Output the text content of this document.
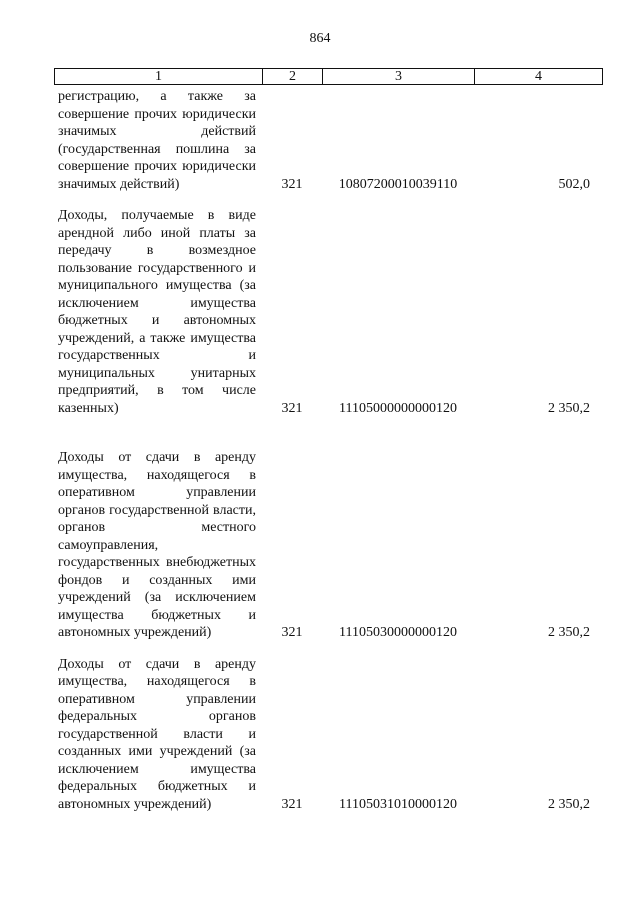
864
1	2	3	4
регистрацию, а также за совершение прочих юридически значимых действий (государственная пошлина за совершение прочих юридически значимых действий)	321	10807200010039110	502,0

Доходы, получаемые в виде арендной либо иной платы за передачу в возмездное пользование государственного и муниципального имущества (за исключением имущества бюджетных и автономных учреждений, а также имущества государственных и муниципальных унитарных предприятий, в том числе казенных)	321	11105000000000120	2 350,2

Доходы от сдачи в аренду имущества, находящегося в оперативном управлении органов государственной власти, органов местного самоуправления, государственных внебюджетных фондов и созданных ими учреждений (за исключением имущества бюджетных и автономных учреждений)	321	11105030000000120	2 350,2

Доходы от сдачи в аренду имущества, находящегося в оперативном управлении федеральных органов государственной власти и созданных ими учреждений (за исключением имущества федеральных бюджетных и автономных учреждений)	321	11105031010000120	2 350,2
